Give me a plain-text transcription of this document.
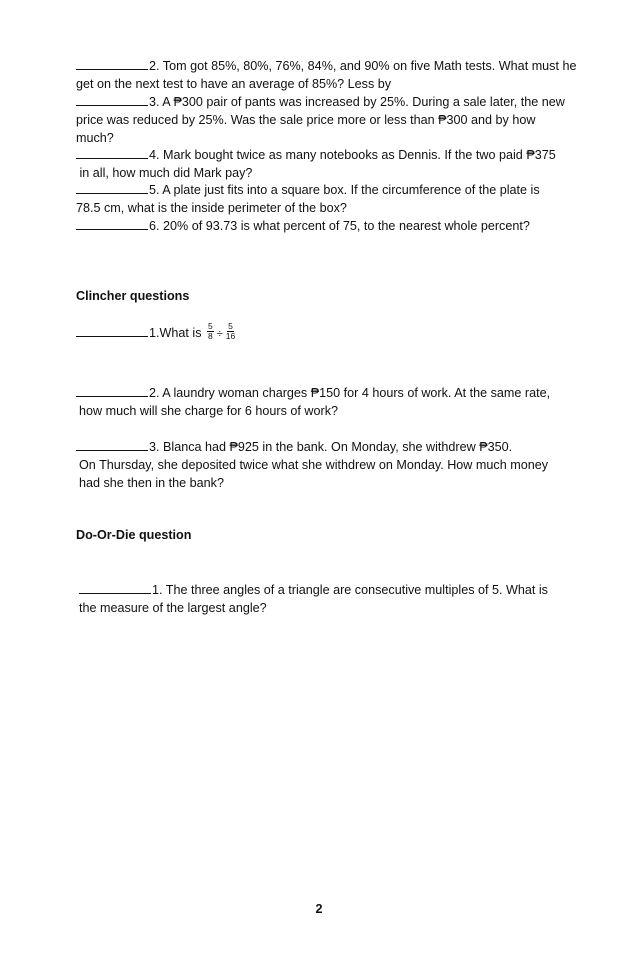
2. Tom got 85%, 80%, 76%, 84%, and 90% on five Math tests. What must he
get on the next test to have an average of 85%? Less by
3. A ₱300 pair of pants was increased by 25%. During a sale later, the new
price was reduced by 25%. Was the sale price more or less than ₱300 and by how
much?
4. Mark bought twice as many notebooks as Dennis. If the two paid ₱375
in all, how much did Mark pay?
5. A plate just fits into a square box. If the circumference of the plate is
78.5 cm, what is the inside perimeter of the box?
6. 20% of 93.73 is what percent of 75, to the nearest whole percent?
Clincher questions
1.What is $\frac{5}{8} \div \frac{5}{16}$
2. A laundry woman charges ₱150 for 4 hours of work. At the same rate,
how much will she charge for 6 hours of work?
3. Blanca had ₱925 in the bank. On Monday, she withdrew ₱350.
On Thursday, she deposited twice what she withdrew on Monday. How much money
had she then in the bank?
Do-Or-Die question
1. The three angles of a triangle are consecutive multiples of 5. What is
the measure of the largest angle?
2
